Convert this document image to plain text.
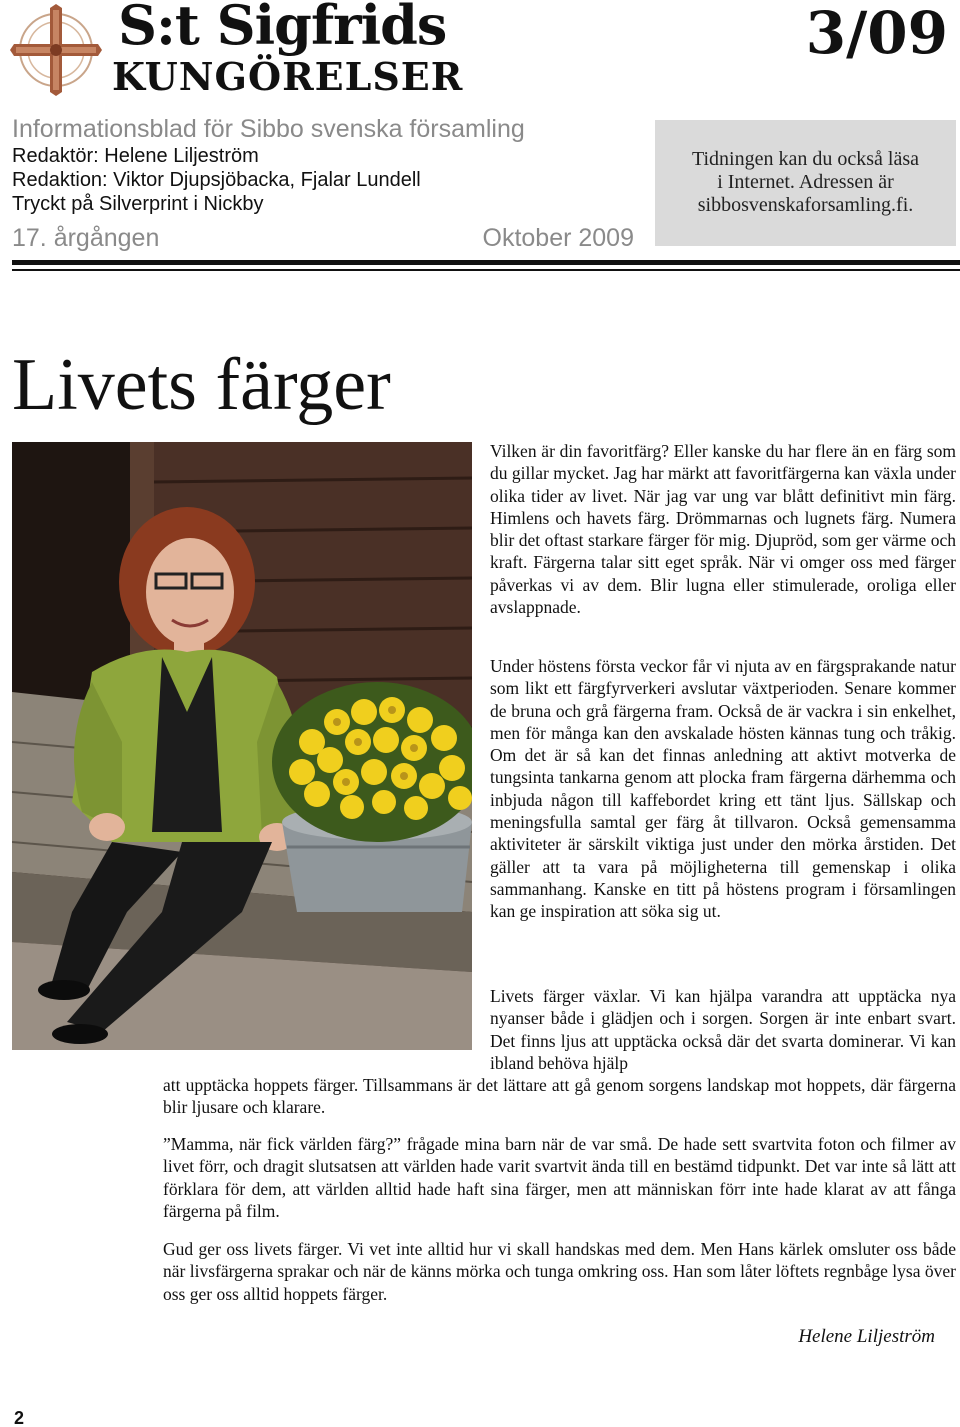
S:t Sigfrids
KUNGÖRELSER
3/09
Informationsblad för Sibbo svenska församling
Redaktör: Helene Liljeström
Redaktion: Viktor Djupsjöbacka, Fjalar Lundell
Tryckt på Silverprint i Nickby
17. årgången	Oktober 2009
Tidningen kan du också läsa
i Internet. Adressen är
sibbosvenskaforsamling.fi.
Livets färger

Vilken är din favoritfärg? Eller kanske du har flere än en färg som du gillar mycket. Jag har märkt att favoritfärgerna kan växla under olika tider av livet. När jag var ung var blått definitivt min färg. Himlens och havets färg. Drömmarnas och lugnets färg. Numera blir det oftast starkare färger för mig. Djupröd, som ger värme och kraft. Färgerna talar sitt eget språk. När vi omger oss med färger påverkas vi av dem. Blir lugna eller stimulerade, oroliga eller avslappnade.

Under höstens första veckor får vi njuta av en färgsprakande natur som likt ett färgfyrverkeri avslutar växtperioden. Senare kommer de bruna och grå färgerna fram. Också de är vackra i sin enkelhet, men för många kan den avskalade hösten kännas tung och tråkig. Om det är så kan det finnas anledning att aktivt motverka de tungsinta tankarna genom att plocka fram färgerna därhemma och inbjuda någon till kaffebordet kring ett tänt ljus. Sällskap och meningsfulla samtal ger färg åt tillvaron. Också gemensamma aktiviteter är särskilt viktiga just under den mörka årstiden. Det gäller att ta vara på möjligheterna till gemenskap i olika sammanhang. Kanske en titt på höstens program i församlingen kan ge inspiration att söka sig ut.

Livets färger växlar. Vi kan hjälpa varandra att upptäcka nya nyanser både i glädjen och i sorgen. Sorgen är inte enbart svart. Det finns ljus att upptäcka också där det svarta dominerar. Vi kan ibland behöva hjälp

att upptäcka hoppets färger. Tillsammans är det lättare att gå genom sorgens landskap mot hoppets, där färgerna blir ljusare och klarare.

”Mamma, när fick världen färg?” frågade mina barn när de var små. De hade sett svartvita foton och filmer av livet förr, och dragit slutsatsen att världen hade varit svartvit ända till en bestämd tidpunkt. Det var inte så lätt att förklara för dem, att världen alltid hade haft sina färger, men att människan förr inte hade klarat av att fånga färgerna på film.

Gud ger oss livets färger. Vi vet inte alltid hur vi skall handskas med dem. Men Hans kärlek omsluter oss både när livsfärgerna sprakar och när de känns mörka och tunga omkring oss. Han som låter löftets regnbåge lysa över oss ger oss alltid hoppets färger.

Helene Liljeström
2
